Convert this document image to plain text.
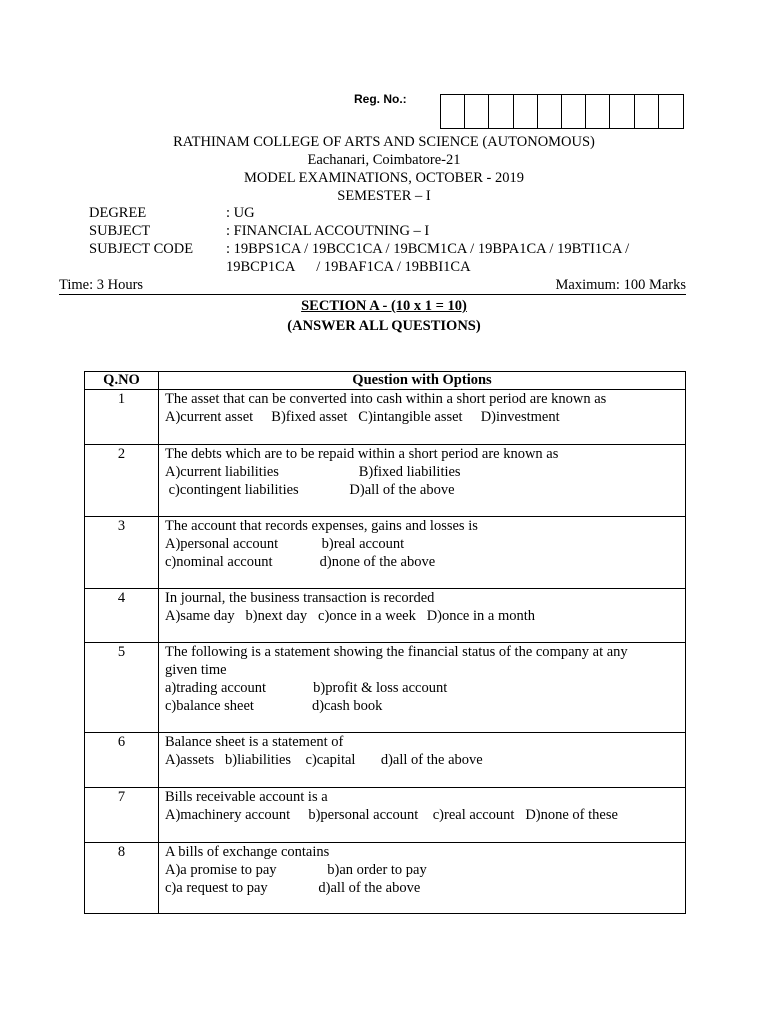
Reg. No.:
RATHINAM COLLEGE OF ARTS AND SCIENCE (AUTONOMOUS)
Eachanari, Coimbatore-21
MODEL EXAMINATIONS, OCTOBER - 2019
SEMESTER – I
DEGREE	: UG
SUBJECT	: FINANCIAL ACCOUTNING – I
SUBJECT CODE : 19BPS1CA / 19BCC1CA / 19BCM1CA / 19BPA1CA / 19BTI1CA /
19BCP1CA      / 19BAF1CA / 19BBI1CA
Time: 3 Hours	Maximum: 100 Marks
SECTION A - (10 x 1 = 10)
(ANSWER ALL QUESTIONS)
Q.NO	Question with Options
1	The asset that can be converted into cash within a short period are known as
A)current asset     B)fixed asset   C)intangible asset     D)investment

2	The debts which are to be repaid within a short period are known as
A)current liabilities                      B)fixed liabilities
c)contingent liabilities              D)all of the above

3	The account that records expenses, gains and losses is
A)personal account            b)real account
c)nominal account             d)none of the above

4	In journal, the business transaction is recorded
A)same day   b)next day   c)once in a week   D)once in a month

5	The following is a statement showing the financial status of the company at any
given time
a)trading account             b)profit & loss account
c)balance sheet                d)cash book

6	Balance sheet is a statement of
A)assets   b)liabilities    c)capital       d)all of the above

7	Bills receivable account is a
A)machinery account     b)personal account    c)real account   D)none of these

8	A bills of exchange contains
A)a promise to pay              b)an order to pay
c)a request to pay              d)all of the above
